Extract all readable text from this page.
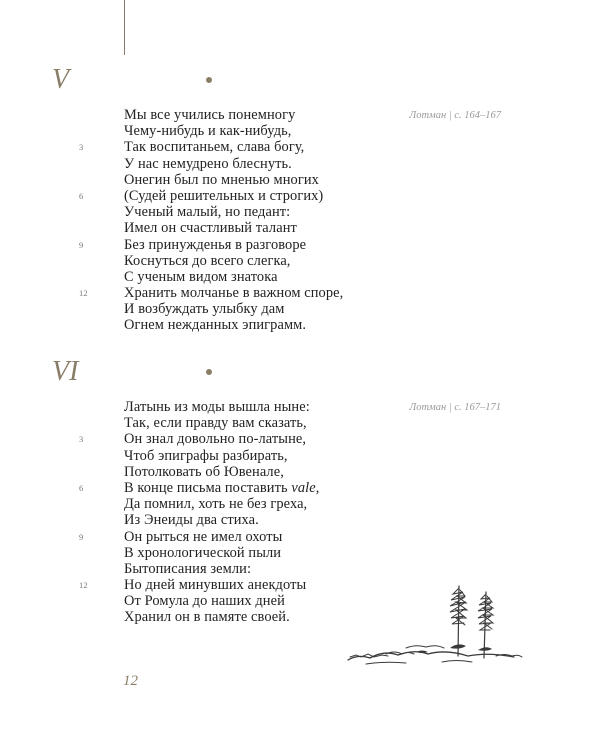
V
Лотман | с. 164–167
Мы все учились понемногу
Чему-нибудь и как-нибудь,
3	Так воспитаньем, слава богу,
У нас немудрено блеснуть.
Онегин был по мненью многих
6	(Судей решительных и строгих)
Ученый малый, но педант:
Имел он счастливый талант
9	Без принужденья в разговоре
Коснуться до всего слегка,
С ученым видом знатока
12	Хранить молчанье в важном споре,
И возбуждать улыбку дам
Огнем нежданных эпиграмм.
VI
Лотман | с. 167–171
Латынь из моды вышла ныне:
Так, если правду вам сказать,
3	Он знал довольно по-латыне,
Чтоб эпиграфы разбирать,
Потолковать об Ювенале,
6	В конце письма поставить vale,
Да помнил, хоть не без греха,
Из Энеиды два стиха.
9	Он рыться не имел охоты
В хронологической пыли
Бытописания земли:
12	Но дней минувших анекдоты
От Ромула до наших дней
Хранил он в памяте своей.
12
